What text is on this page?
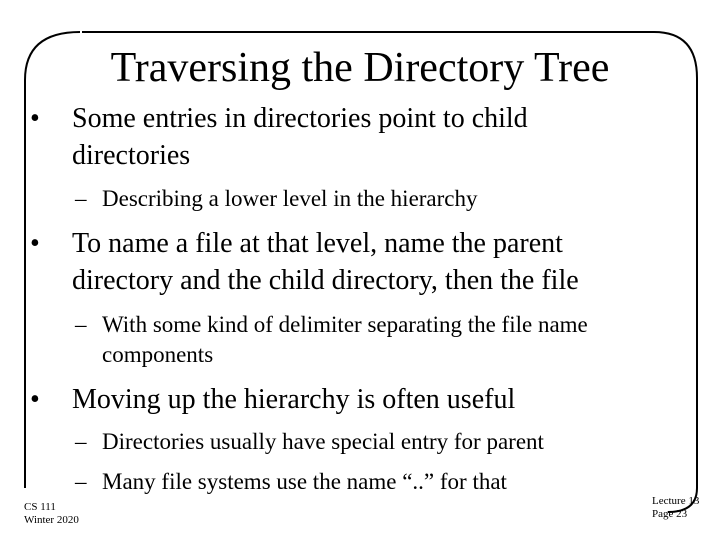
Traversing the Directory Tree
•	Some entries in directories point to child directories
– Describing a lower level in the hierarchy
•	To name a file at that level, name the parent directory and the child directory, then the file
– With some kind of delimiter separating the file name components
•	Moving up the hierarchy is often useful
– Directories usually have special entry for parent
– Many file systems use the name “..” for that
CS 111
Winter 2020
Lecture 13
Page 23
